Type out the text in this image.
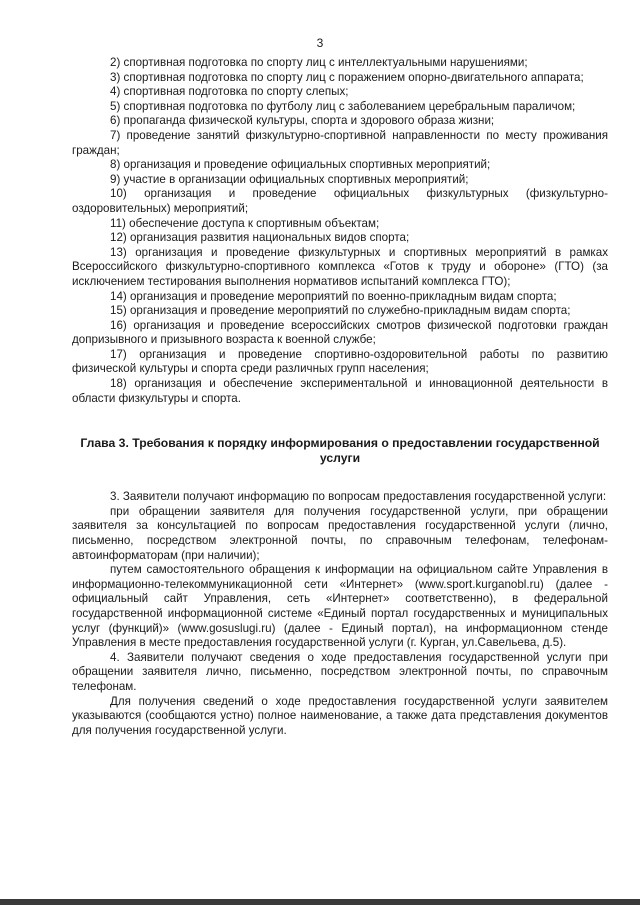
3

2) спортивная подготовка по спорту лиц с интеллектуальными нарушениями;

3) спортивная подготовка по спорту лиц с поражением опорно-двигательного аппарата;

4) спортивная подготовка по спорту слепых;

5) спортивная подготовка по футболу лиц с заболеванием церебральным параличом;

6) пропаганда физической культуры, спорта и здорового образа жизни;

7) проведение занятий физкультурно-спортивной направленности по месту проживания граждан;

8) организация и проведение официальных спортивных мероприятий;

9) участие в организации официальных спортивных мероприятий;

10) организация и проведение официальных физкультурных (физкультурно-оздоровительных) мероприятий;

11) обеспечение доступа к спортивным объектам;

12) организация развития национальных видов спорта;

13) организация и проведение физкультурных и спортивных мероприятий в рамках Всероссийского физкультурно-спортивного комплекса «Готов к труду и обороне» (ГТО) (за исключением тестирования выполнения нормативов испытаний комплекса ГТО);

14) организация и проведение мероприятий по военно-прикладным видам спорта;

15) организация и проведение мероприятий по служебно-прикладным видам спорта;

16) организация и проведение всероссийских смотров физической подготовки граждан допризывного и призывного возраста к военной службе;

17) организация и проведение спортивно-оздоровительной работы по развитию физической культуры и спорта среди различных групп населения;

18) организация и обеспечение экспериментальной и инновационной деятельности в области физкультуры и спорта.

Глава 3. Требования к порядку информирования о предоставлении государственной услуги

3. Заявители получают информацию по вопросам предоставления государственной услуги:

при обращении заявителя для получения государственной услуги, при обращении заявителя за консультацией по вопросам предоставления государственной услуги (лично, письменно, посредством электронной почты, по справочным телефонам, телефонам-автоинформаторам (при наличии);

путем самостоятельного обращения к информации на официальном сайте Управления в информационно-телекоммуникационной сети «Интернет» (www.sport.kurganobl.ru) (далее - официальный сайт Управления, сеть «Интернет» соответственно), в федеральной государственной информационной системе «Единый портал государственных и муниципальных услуг (функций)» (www.gosuslugi.ru) (далее - Единый портал), на информационном стенде Управления в месте предоставления государственной услуги (г. Курган, ул.Савельева, д.5).

4. Заявители получают сведения о ходе предоставления государственной услуги при обращении заявителя лично, письменно, посредством электронной почты, по справочным телефонам.

Для получения сведений о ходе предоставления государственной услуги заявителем указываются (сообщаются устно) полное наименование, а также дата представления документов для получения государственной услуги.
